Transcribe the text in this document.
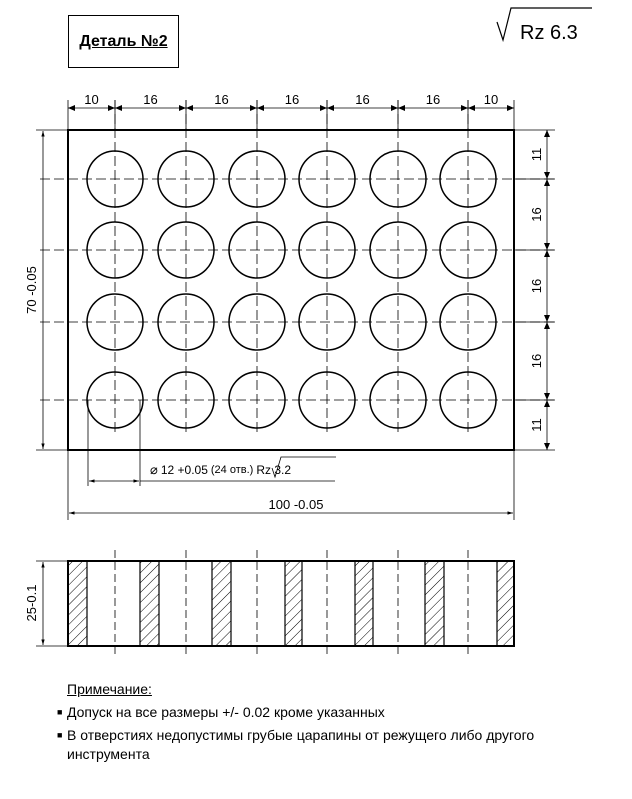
10	16	16	16	16	16	10
11
16
16
16
11
70 -0.05
100 -0.05
25-0.1
Деталь №2	Rz 6.3
⌀ 12 +0.05 (24 отв.) Rz 3.2
Примечание:
■ Допуск на все размеры +/- 0.02 кроме указанных
■ В отверстиях недопустимы грубые царапины от режущего либо другого инструмента
